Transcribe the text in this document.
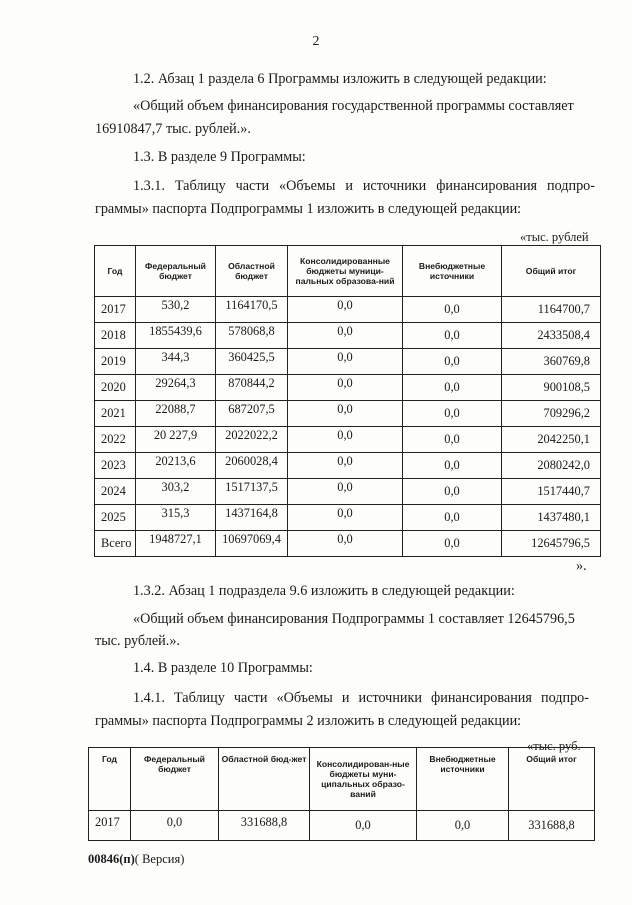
2
1.2. Абзац 1 раздела 6 Программы изложить в следующей редакции:
«Общий объем финансирования государственной программы составляет
16910847,7 тыс. рублей.».
1.3. В разделе 9 Программы:
1.3.1. Таблицу части «Объемы и источники финансирования подпро-
граммы» паспорта Подпрограммы 1 изложить в следующей редакции:
«тыс. рублей
Год	Федеральный бюджет	Областной бюджет	Консолидированные бюджеты муници-пальных образова-ний	Внебюджетные источники	Общий итог
2017	530,2	1164170,5	0,0	0,0	1164700,7
2018	1855439,6	578068,8	0,0	0,0	2433508,4
2019	344,3	360425,5	0,0	0,0	360769,8
2020	29264,3	870844,2	0,0	0,0	900108,5
2021	22088,7	687207,5	0,0	0,0	709296,2
2022	20 227,9	2022022,2	0,0	0,0	2042250,1
2023	20213,6	2060028,4	0,0	0,0	2080242,0
2024	303,2	1517137,5	0,0	0,0	1517440,7
2025	315,3	1437164,8	0,0	0,0	1437480,1
Всего	1948727,1	10697069,4	0,0	0,0	12645796,5
».
1.3.2. Абзац 1 подраздела 9.6 изложить в следующей редакции:
«Общий объем финансирования Подпрограммы 1 составляет 12645796,5
тыс. рублей.».
1.4. В разделе 10 Программы:
1.4.1. Таблицу части «Объемы и источники финансирования подпро-
граммы» паспорта Подпрограммы 2 изложить в следующей редакции:
«тыс. руб.
Год	Федеральный бюджет	Областной бюд-жет	Консолидирован-ные бюджеты муни-ципальных образо-ваний	Внебюджетные источники	Общий итог
2017	0,0	331688,8	0,0	0,0	331688,8
00846(п)( Версия)
